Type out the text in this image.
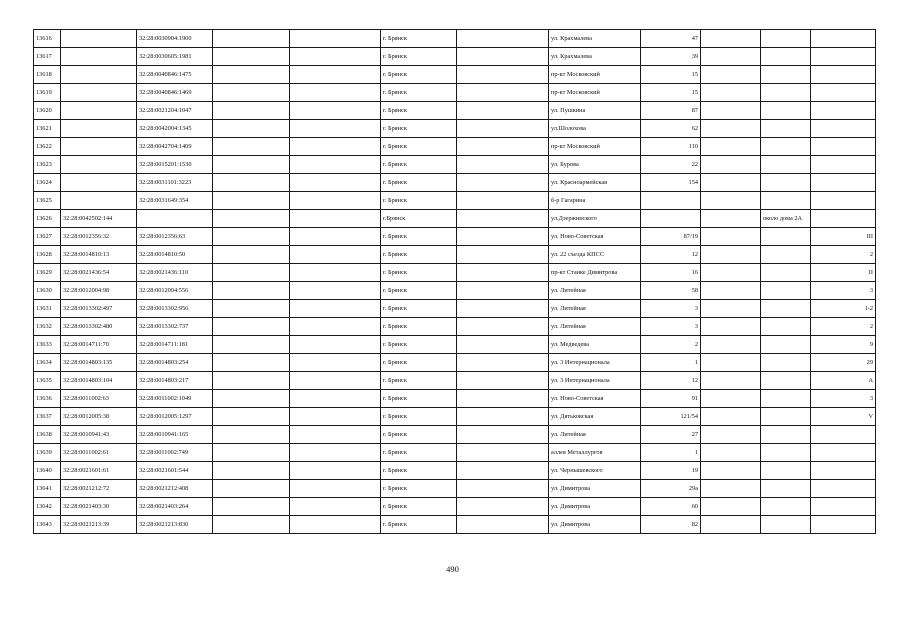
13616		32:28:0030904:1900			г. Брянск		ул. Крахмалева	47			
13617		32:28:0030605:1981			г. Брянск		ул. Крахмалева	39			
13618		32:28:0040846:1475			г. Брянск		пр-кт Московский	15			
13619		32:28:0040846:1469			г. Брянск		пр-кт Московский	15			
13620		32:28:0021204:1047			г. Брянск		ул. Пушкина	87			
13621		32:28:0042004:1345			г. Брянск		ул.Шолохова	62			
13622		32:28:0042704:1409			г. Брянск		пр-кт Московский	110			
13623		32:28:0015201:1530			г. Брянск		ул. Бурова	22			
13624		32:28:0031101:3223			г. Брянск		ул. Красноармейская	154			
13625		32:28:0031649:354			г. Брянск		б-р Гагарина				
13626	32:28:0042502:144				г.Брянск		ул.Дзержинского			около дома 2А	
13627	32:28:0012356:32	32:28:0012356:63			г. Брянск		ул. Ново-Советская	87/19			III
13628	32:28:0014810:13	32:28:0014810:50			г. Брянск		ул. 22 съезда КПСС	12			2
13629	32:28:0021436:54	32:28:0021436:110			г. Брянск		пр-кт Станке Димитрова	16			II
13630	32:28:0012004:98	32:28:0012004:556			г. Брянск		ул. Литейная	58			3
13631	32:28:0013302:497	32:28:0013302:956			г. Брянск		ул. Литейная	3			1-2
13632	32:28:0013302:480	32:28:0013302:737			г. Брянск		ул. Литейная	3			2
13633	32:28:0014711:70	32:28:0014711:181			г. Брянск		ул. Медведева	2			9
13634	32:28:0014803:135	32:28:0014803:254			г. Брянск		ул. 3 Интернационала	1			29
13635	32:28:0014803:104	32:28:0014803:217			г. Брянск		ул. 3 Интернационала	12			А
13636	32:28:0011002:63	32:28:0011002:1049			г. Брянск		ул. Ново-Советская	91			3
13637	32:28:0012005:38	32:28:0012005:1297			г. Брянск		ул. Дятьковская	121/54			V
13638	32:28:0010941:43	32:28:0010941:165			г. Брянск		ул. Литейная	27			
13639	32:28:0011002:61	32:28:0011002:749			г. Брянск		аллея Металлургов	1			
13640	32:28:0021601:61	32:28:0021601:544			г. Брянск		ул. Чернышевского	19			
13641	32:28:0021212:72	32:28:0021212:408			г. Брянск		ул. Димитрова	29а			
13642	32:28:0021403:30	32:28:0021403:264			г. Брянск		ул. Димитрова	60			
13643	32:28:0021213:39	32:28:0021213:830			г. Брянск		ул. Димитрова	82			
490
